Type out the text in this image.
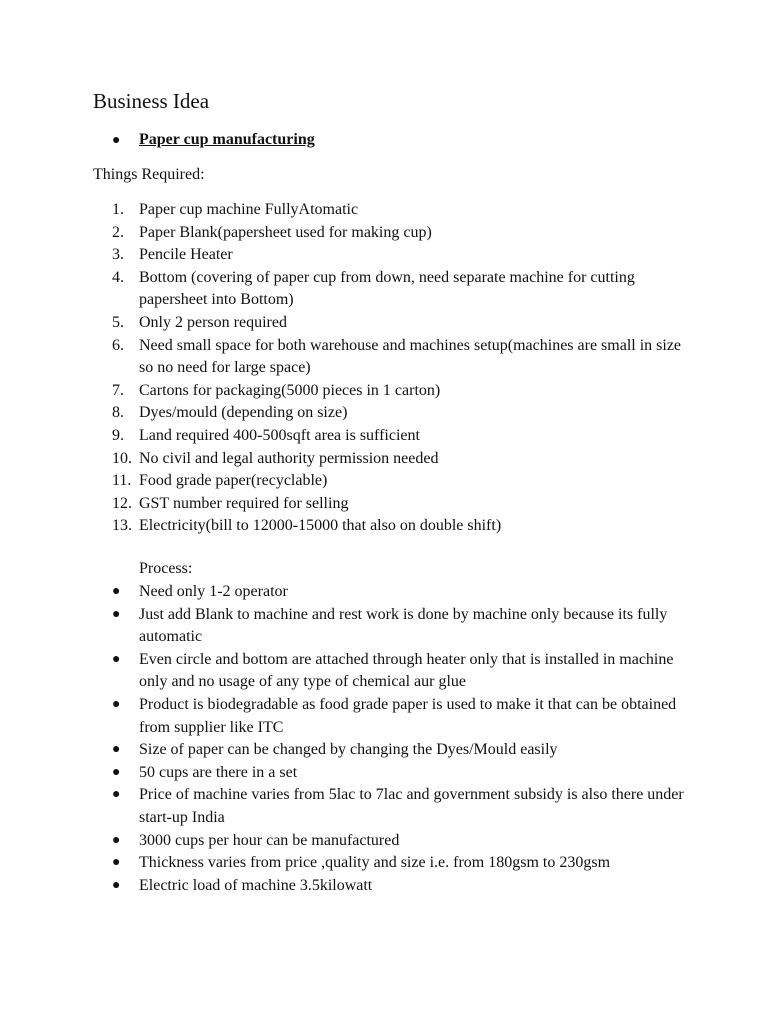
Business Idea
●	Paper cup manufacturing
Things Required:
1. Paper cup machine FullyAtomatic
2. Paper Blank(papersheet used for making cup)
3. Pencile Heater
4. Bottom (covering of paper cup from down, need separate machine for cutting papersheet into Bottom)
5. Only 2 person required
6. Need small space for both warehouse and machines setup(machines are small in size so no need for large space)
7. Cartons for packaging(5000 pieces in 1 carton)
8. Dyes/mould (depending on size)
9. Land required 400-500sqft area is sufficient
10. No civil and legal authority permission needed
11. Food grade paper(recyclable)
12. GST number required for selling
13. Electricity(bill to 12000-15000 that also on double shift)
Process:
●	Need only 1-2 operator
●	Just add Blank to machine and rest work is done by machine only because its fully automatic
●	Even circle and bottom are attached through heater only that is installed in machine only and no usage of any type of chemical aur glue
●	Product is biodegradable as food grade paper is used to make it that can be obtained from supplier like ITC
●	Size of paper can be changed by changing the Dyes/Mould easily
●	50 cups are there in a set
●	Price of machine varies from 5lac to 7lac and government subsidy is also there under start-up India
●	3000 cups per hour can be manufactured
●	Thickness varies from price ,quality and size i.e. from 180gsm to 230gsm
●	Electric load of machine 3.5kilowatt
